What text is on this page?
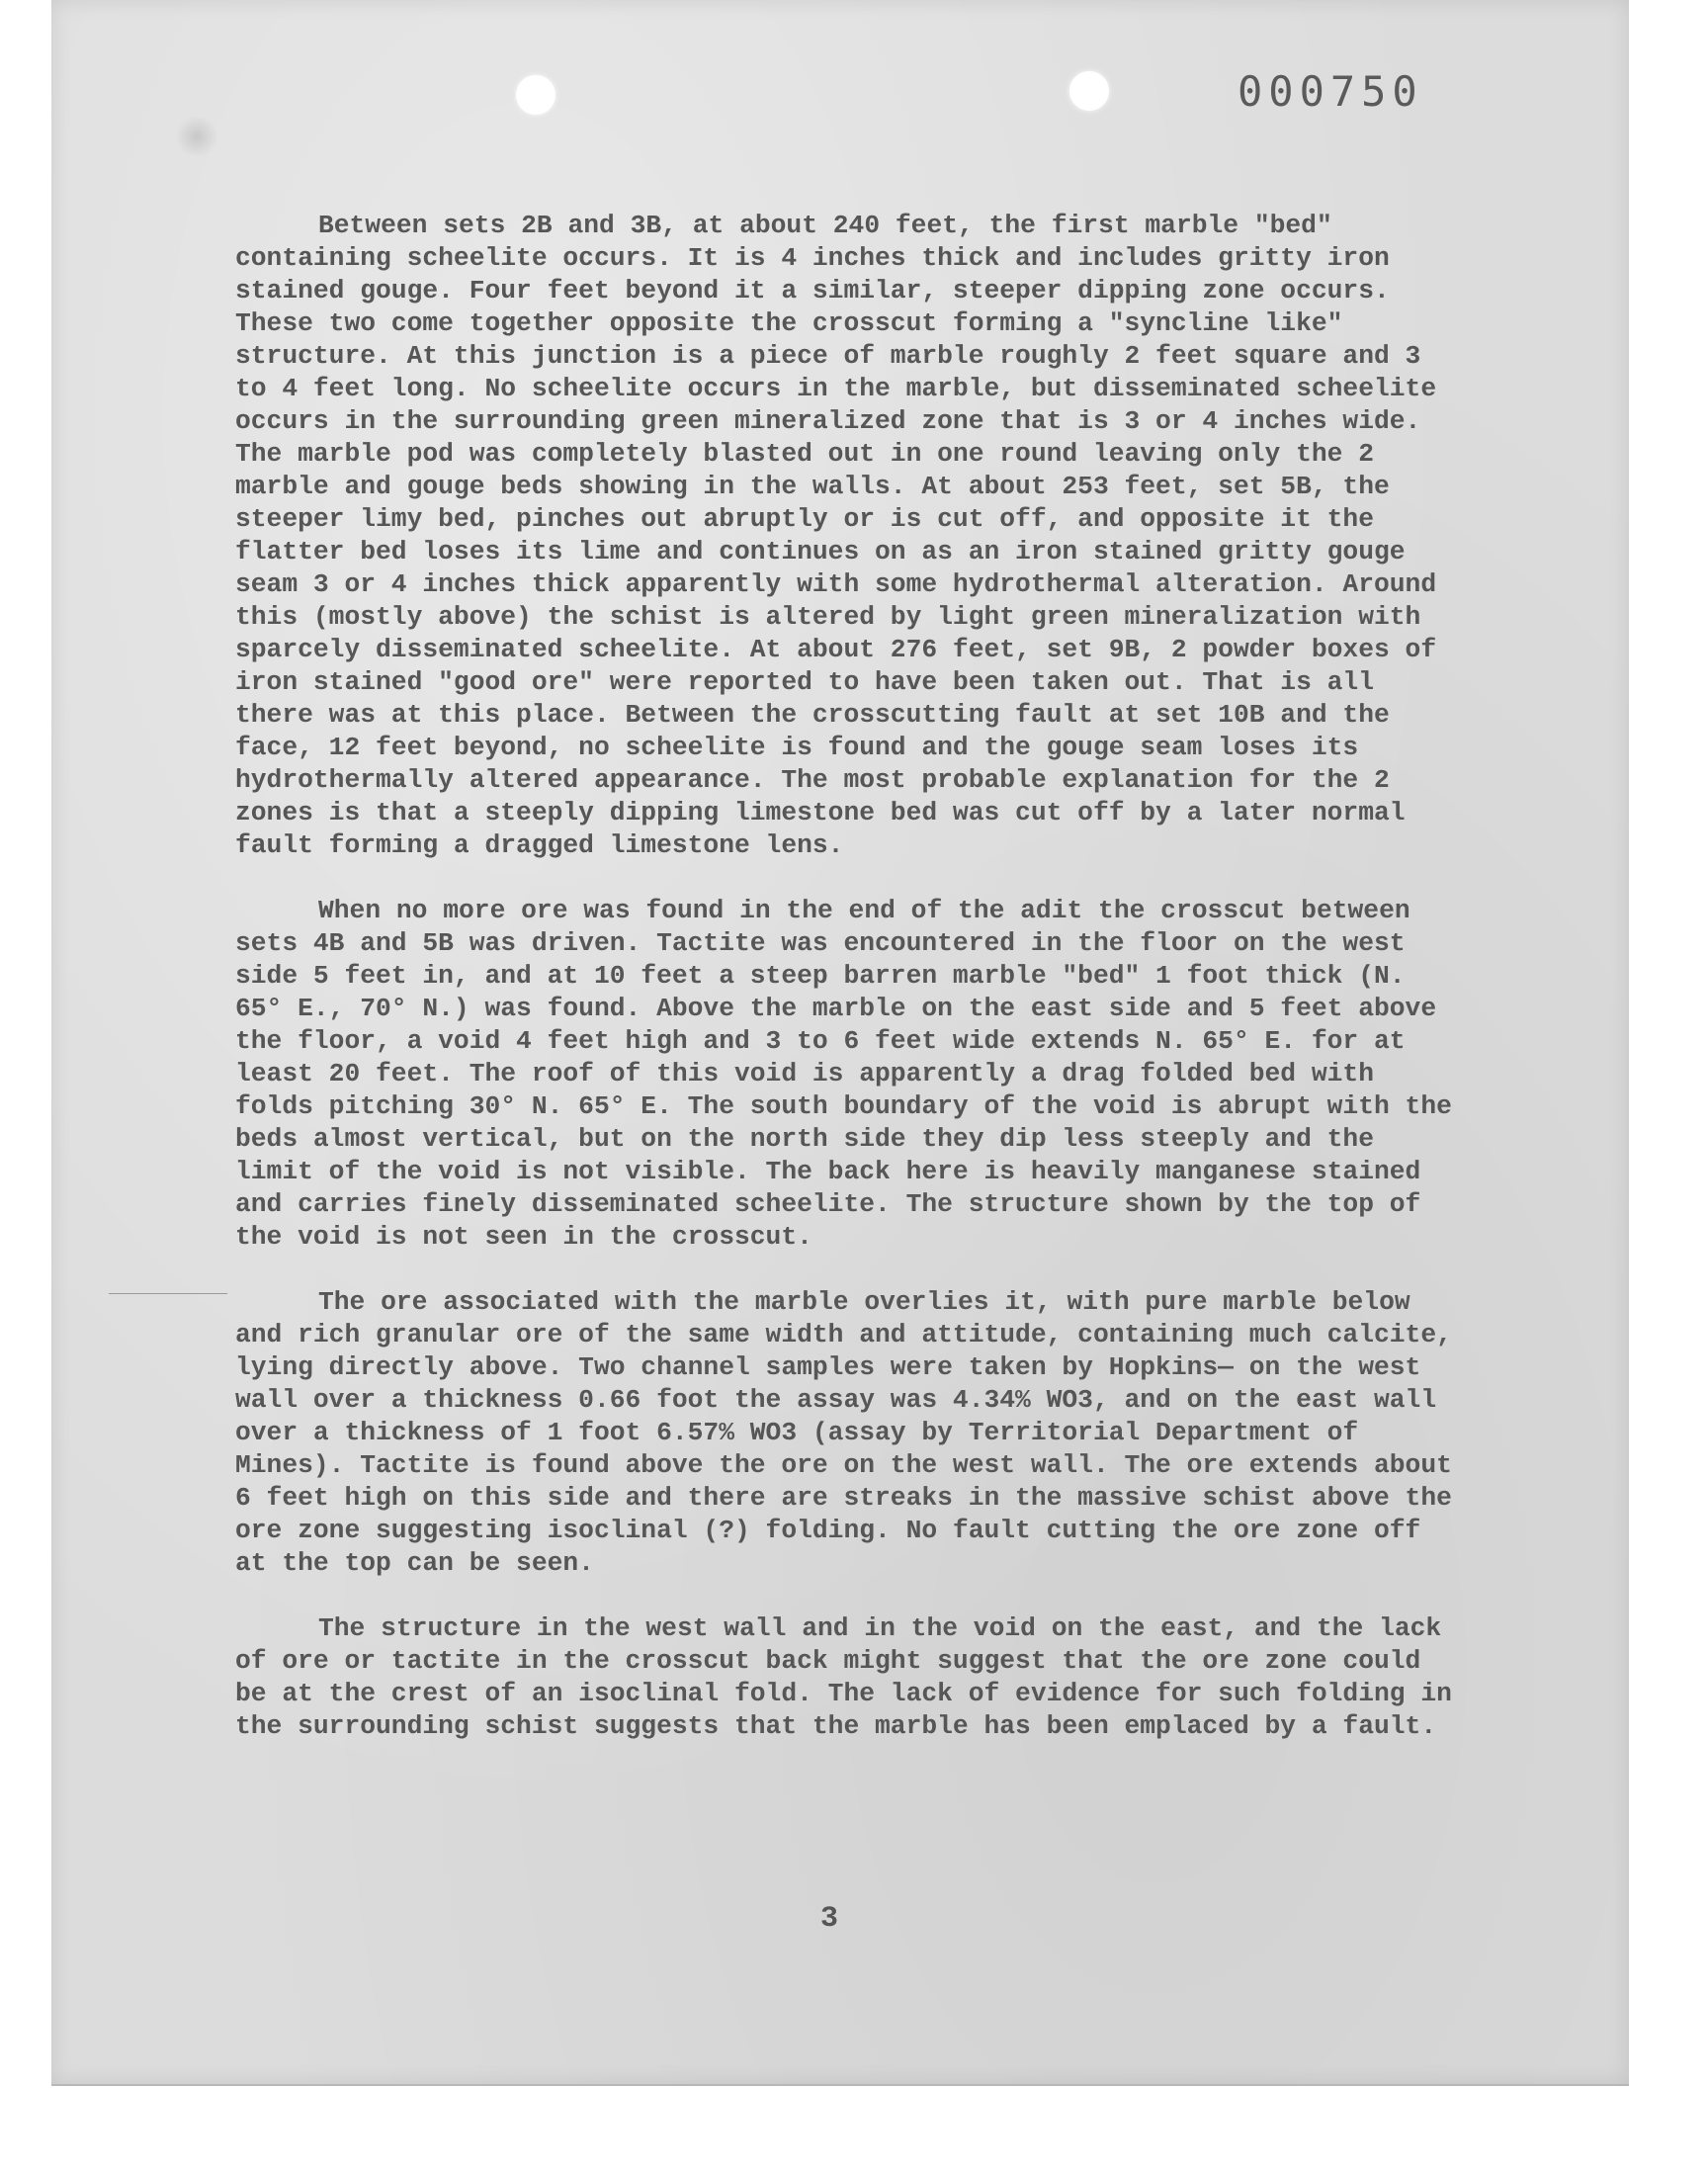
000750

Between sets 2B and 3B, at about 240 feet, the first marble "bed" containing scheelite occurs. It is 4 inches thick and includes gritty iron stained gouge. Four feet beyond it a similar, steeper dipping zone occurs. These two come together opposite the crosscut forming a "syncline like" structure. At this junction is a piece of marble roughly 2 feet square and 3 to 4 feet long. No scheelite occurs in the marble, but disseminated scheelite occurs in the surrounding green mineralized zone that is 3 or 4 inches wide. The marble pod was completely blasted out in one round leaving only the 2 marble and gouge beds showing in the walls. At about 253 feet, set 5B, the steeper limy bed, pinches out abruptly or is cut off, and opposite it the flatter bed loses its lime and continues on as an iron stained gritty gouge seam 3 or 4 inches thick apparently with some hydrothermal alteration. Around this (mostly above) the schist is altered by light green mineralization with sparcely disseminated scheelite. At about 276 feet, set 9B, 2 powder boxes of iron stained "good ore" were reported to have been taken out. That is all there was at this place. Between the crosscutting fault at set 10B and the face, 12 feet beyond, no scheelite is found and the gouge seam loses its hydrothermally altered appearance. The most probable explanation for the 2 zones is that a steeply dipping limestone bed was cut off by a later normal fault forming a dragged limestone lens.

When no more ore was found in the end of the adit the crosscut between sets 4B and 5B was driven. Tactite was encountered in the floor on the west side 5 feet in, and at 10 feet a steep barren marble "bed" 1 foot thick (N. 65° E., 70° N.) was found. Above the marble on the east side and 5 feet above the floor, a void 4 feet high and 3 to 6 feet wide extends N. 65° E. for at least 20 feet. The roof of this void is apparently a drag folded bed with folds pitching 30° N. 65° E. The south boundary of the void is abrupt with the beds almost vertical, but on the north side they dip less steeply and the limit of the void is not visible. The back here is heavily manganese stained and carries finely disseminated scheelite. The structure shown by the top of the void is not seen in the crosscut.

The ore associated with the marble overlies it, with pure marble below and rich granular ore of the same width and attitude, containing much calcite, lying directly above. Two channel samples were taken by Hopkins— on the west wall over a thickness 0.66 foot the assay was 4.34% WO3, and on the east wall over a thickness of 1 foot 6.57% WO3 (assay by Territorial Department of Mines). Tactite is found above the ore on the west wall. The ore extends about 6 feet high on this side and there are streaks in the massive schist above the ore zone suggesting isoclinal (?) folding. No fault cutting the ore zone off at the top can be seen.

The structure in the west wall and in the void on the east, and the lack of ore or tactite in the crosscut back might suggest that the ore zone could be at the crest of an isoclinal fold. The lack of evidence for such folding in the surrounding schist suggests that the marble has been emplaced by a fault.

3
